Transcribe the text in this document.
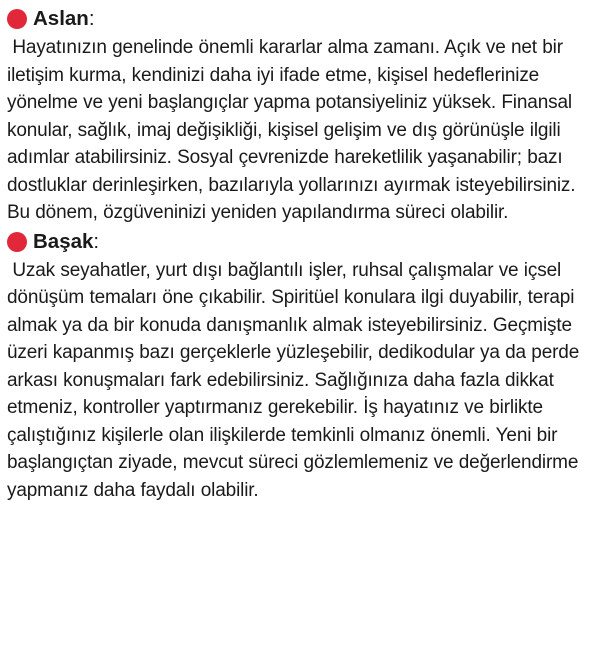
Aslan :

Hayatınızın genelinde önemli kararlar alma zamanı. Açık ve net bir iletişim kurma, kendinizi daha iyi ifade etme, kişisel hedeflerinize yönelme ve yeni başlangıçlar yapma potansiyeliniz yüksek. Finansal konular, sağlık, imaj değişikliği, kişisel gelişim ve dış görünüşle ilgili adımlar atabilirsiniz. Sosyal çevrenizde hareketlilik yaşanabilir; bazı dostluklar derinleşirken, bazılarıyla yollarınızı ayırmak isteyebilirsiniz. Bu dönem, özgüveninizi yeniden yapılandırma süreci olabilir.

Başak :

Uzak seyahatler, yurt dışı bağlantılı işler, ruhsal çalışmalar ve içsel dönüşüm temaları öne çıkabilir. Spiritüel konulara ilgi duyabilir, terapi almak ya da bir konuda danışmanlık almak isteyebilirsiniz. Geçmişte üzeri kapanmış bazı gerçeklerle yüzleşebilir, dedikodular ya da perde arkası konuşmaları fark edebilirsiniz. Sağlığınıza daha fazla dikkat etmeniz, kontroller yaptırmanız gerekebilir. İş hayatınız ve birlikte çalıştığınız kişilerle olan ilişkilerde temkinli olmanız önemli. Yeni bir başlangıçtan ziyade, mevcut süreci gözlemlemeniz ve değerlendirme yapmanız daha faydalı olabilir.
